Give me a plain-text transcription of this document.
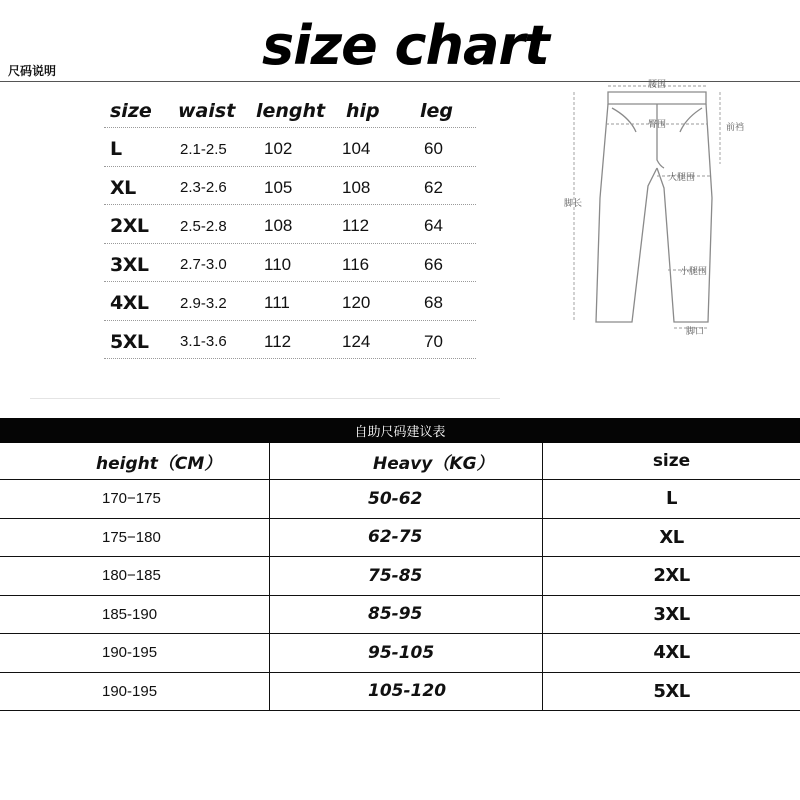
size chart
尺码说明
size waist lenght hip leg
L	2.1-2.5 102	104	60
XL	2.3-2.6 105	108	62
2XL 2.5-2.8 108	112	64
3XL 2.7-3.0 110	116	66
4XL 2.9-3.2 111	120	68
5XL 3.1-3.6 112	124	70
腰围
臀围	前裆
大腿围
脚长
小腿围
脚口
自助尺码建议表
height（CM）	Heavy（KG）	size
170−175	50-62	L
175−180	62-75	XL
180−185	75-85	2XL
185-190	85-95	3XL
190-195	95-105	4XL
190-195	105-120	5XL
